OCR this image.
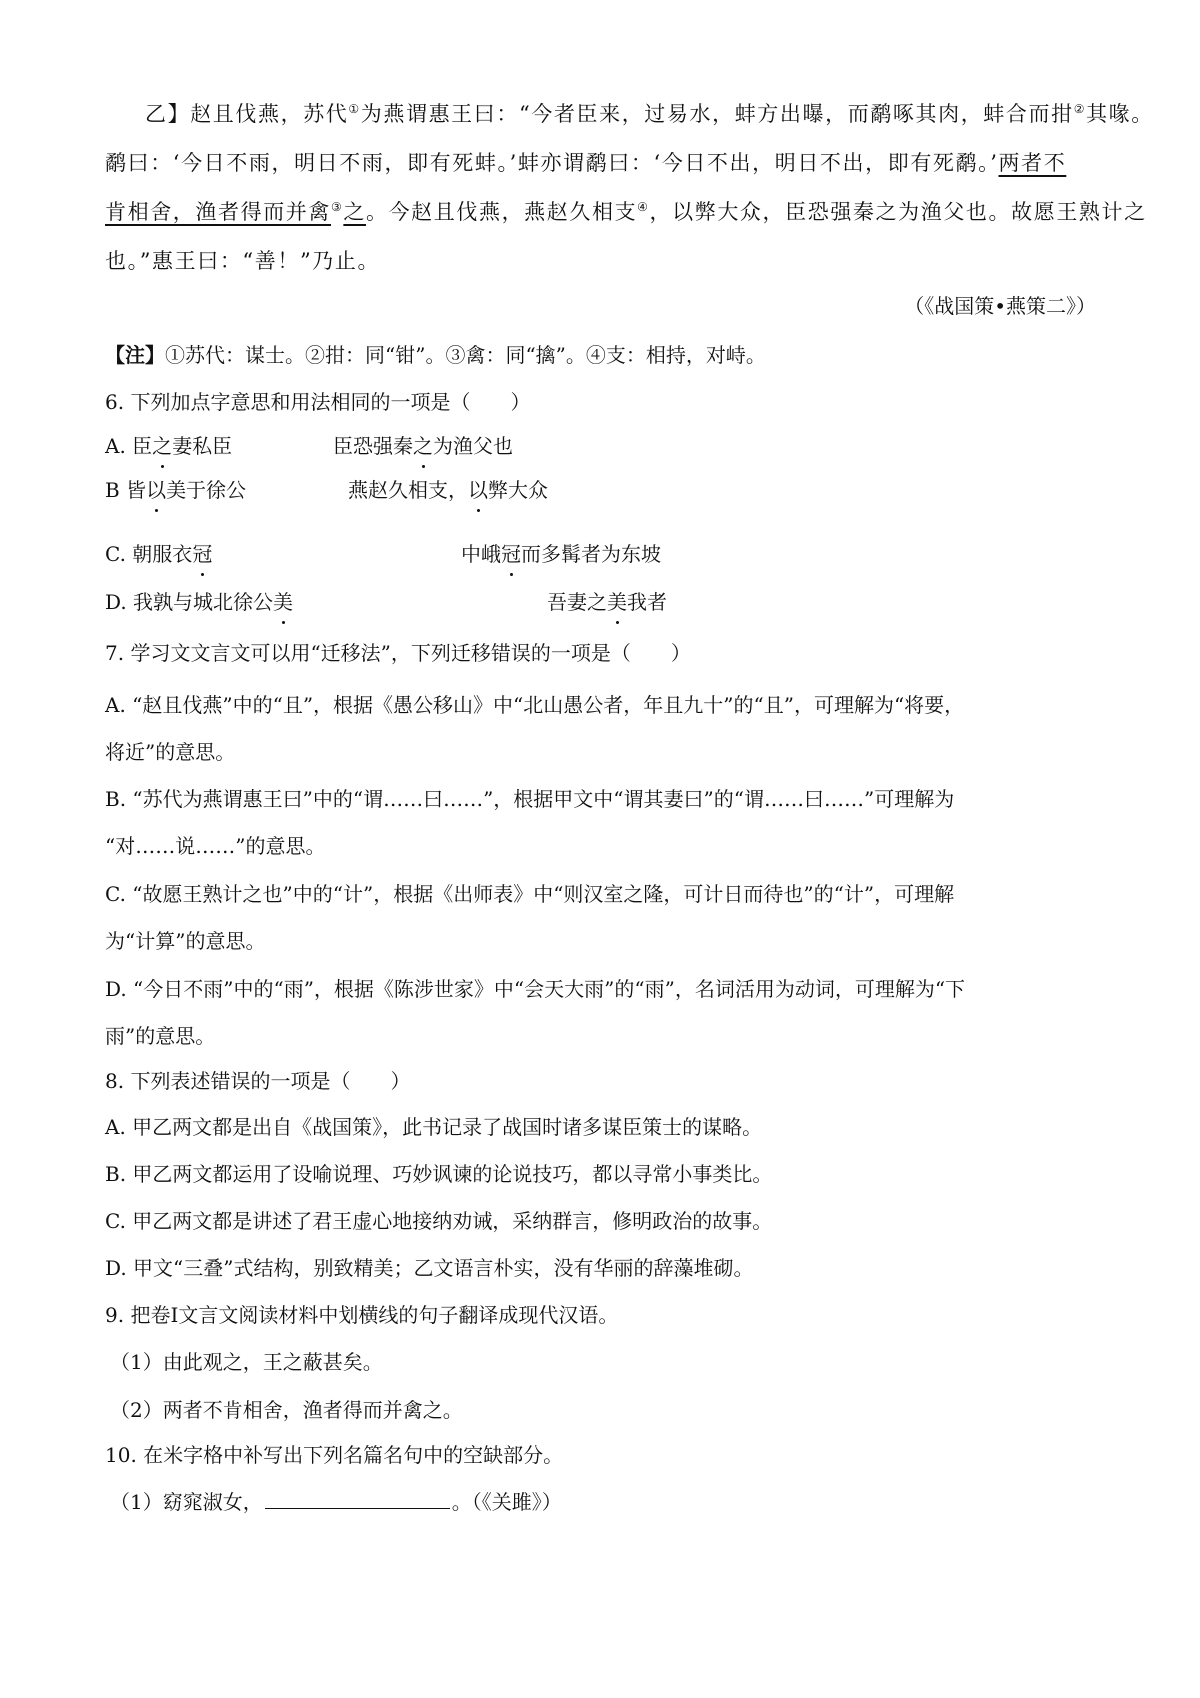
乙】赵且伐燕，苏代①为燕谓惠王曰：“今者臣来，过易水，蚌方出曝，而鹬啄其肉，蚌合而拑②其喙。
鹬曰：‘今日不雨，明日不雨，即有死蚌。’蚌亦谓鹬曰：‘今日不出，明日不出，即有死鹬。’两者不
肯相舍，渔者得而并禽③之。今赵且伐燕，燕赵久相支④，以弊大众，臣恐强秦之为渔父也。故愿王熟计之
也。”惠王曰：“善！”乃止。
（《战国策•燕策二》）
【注】①苏代：谋士。②拑：同“钳”。③禽：同“擒”。④支：相持，对峙。
6. 下列加点字意思和用法相同的一项是（　　）
A. 臣之妻私臣	臣恐强秦之为渔父也
B 皆以美于徐公	燕赵久相支，以弊大众
C. 朝服衣冠	中峨冠而多髯者为东坡
D. 我孰与城北徐公美	吾妻之美我者
7. 学习文文言文可以用“迁移法”，下列迁移错误的一项是（　　）
A. “赵且伐燕”中的“且”，根据《愚公移山》中“北山愚公者，年且九十”的“且”，可理解为“将要，
将近”的意思。
B. “苏代为燕谓惠王曰”中的“谓……曰……”，根据甲文中“谓其妻曰”的“谓……曰……”可理解为
“对……说……”的意思。
C. “故愿王熟计之也”中的“计”，根据《出师表》中“则汉室之隆，可计日而待也”的“计”，可理解
为“计算”的意思。
D. “今日不雨”中的“雨”，根据《陈涉世家》中“会天大雨”的“雨”，名词活用为动词，可理解为“下
雨”的意思。
8. 下列表述错误的一项是（　　）
A. 甲乙两文都是出自《战国策》，此书记录了战国时诸多谋臣策士的谋略。
B. 甲乙两文都运用了设喻说理、巧妙讽谏的论说技巧，都以寻常小事类比。
C. 甲乙两文都是讲述了君王虚心地接纳劝诫，采纳群言，修明政治的故事。
D. 甲文“三叠”式结构，别致精美；乙文语言朴实，没有华丽的辞藻堆砌。
9. 把卷Ⅰ文言文阅读材料中划横线的句子翻译成现代汉语。
（1）由此观之，王之蔽甚矣。
（2）两者不肯相舍，渔者得而并禽之。
10. 在米字格中补写出下列名篇名句中的空缺部分。
（1）窈窕淑女，	。（《关雎》）
